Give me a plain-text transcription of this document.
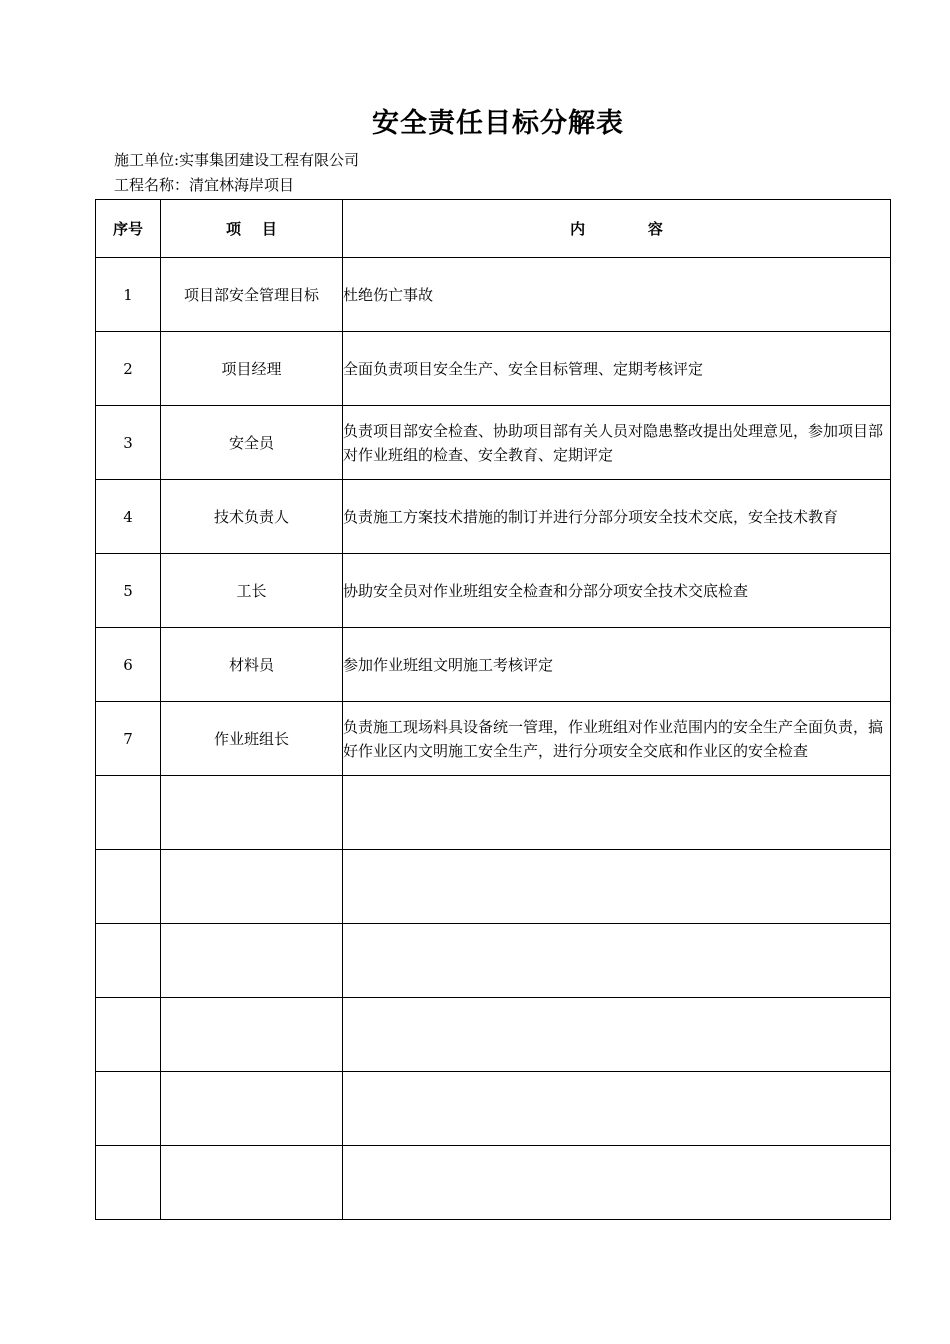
安全责任目标分解表
施工单位:实事集团建设工程有限公司
工程名称：清宜林海岸项目
序号	项    目	内            容
1	项目部安全管理目标	杜绝伤亡事故
2	项目经理	全面负责项目安全生产、安全目标管理、定期考核评定
3	安全员	负责项目部安全检查、协助项目部有关人员对隐患整改提出处理意见，参加项目部对作业班组的检查、安全教育、定期评定
4	技术负责人	负责施工方案技术措施的制订并进行分部分项安全技术交底，安全技术教育
5	工长	协助安全员对作业班组安全检查和分部分项安全技术交底检查
6	材料员	参加作业班组文明施工考核评定
7	作业班组长	负责施工现场料具设备统一管理，作业班组对作业范围内的安全生产全面负责，搞好作业区内文明施工安全生产，进行分项安全交底和作业区的安全检查
